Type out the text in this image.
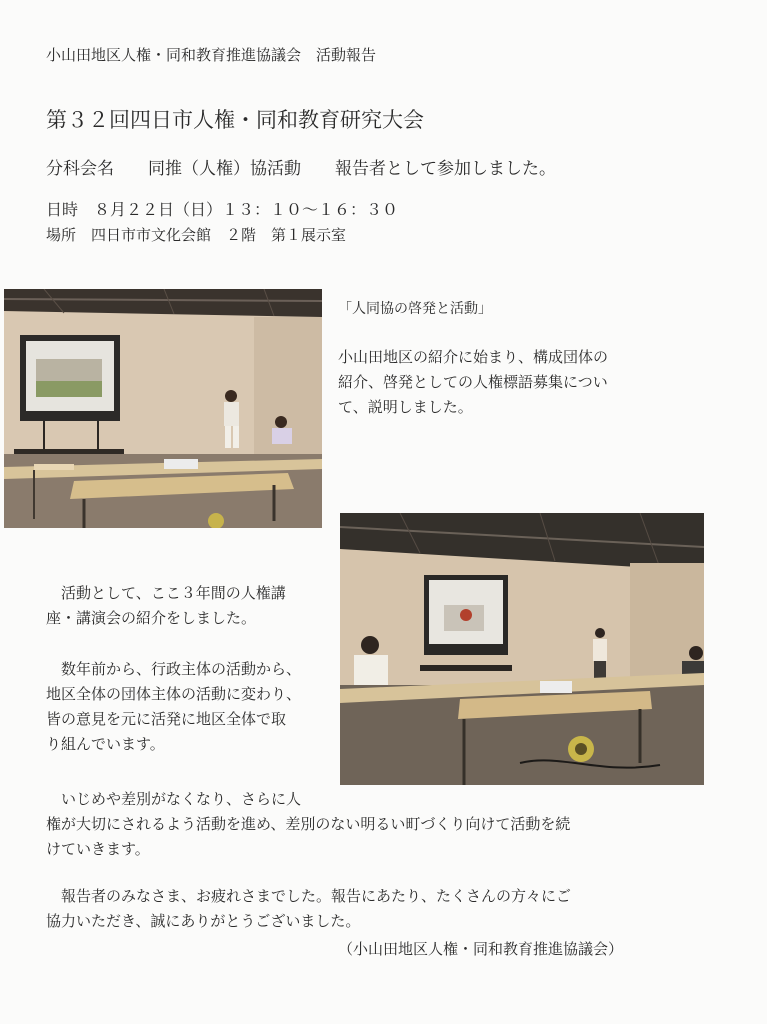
小山田地区人権・同和教育推進協議会　活動報告

第３２回四日市人権・同和教育研究大会

分科会名　　同推（人権）協活動　　報告者として参加しました。

日時　８月２２日（日）１３：１０〜１６：３０

場所　四日市市文化会館　２階　第１展示室

「人同協の啓発と活動」

小山田地区の紹介に始まり、構成団体の
紹介、啓発としての人権標語募集につい
て、説明しました。

　活動として、ここ３年間の人権講
座・講演会の紹介をしました。

　数年前から、行政主体の活動から、
地区全体の団体主体の活動に変わり、
皆の意見を元に活発に地区全体で取
り組んでいます。

　いじめや差別がなくなり、さらに人
権が大切にされるよう活動を進め、差別のない明るい町づくり向けて活動を続
けていきます。

　報告者のみなさま、お疲れさまでした。報告にあたり、たくさんの方々にご
協力いただき、誠にありがとうございました。

（小山田地区人権・同和教育推進協議会）
